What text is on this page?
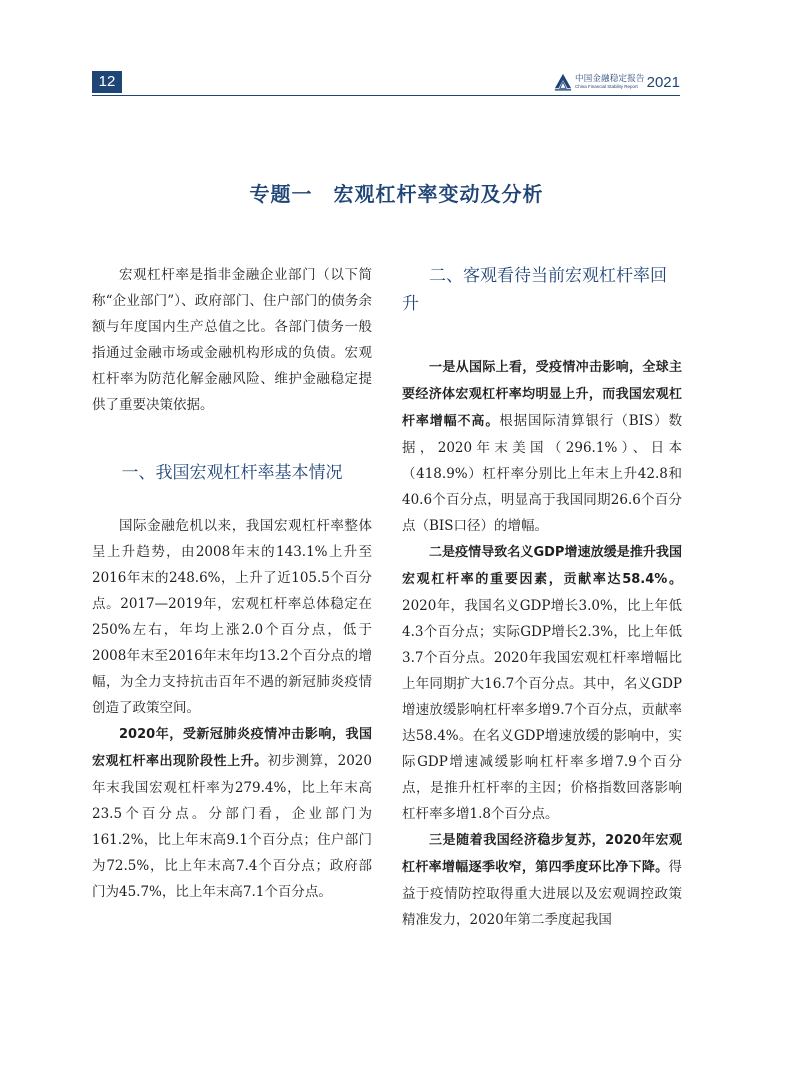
12	中国金融稳定报告
China Financial Stability Report 2021
专题一　宏观杠杆率变动及分析

宏观杠杆率是指非金融企业部门（以下简称“企业部门”）、政府部门、住户部门的债务余额与年度国内生产总值之比。各部门债务一般指通过金融市场或金融机构形成的负债。宏观杠杆率为防范化解金融风险、维护金融稳定提供了重要决策依据。

一、我国宏观杠杆率基本情况

国际金融危机以来，我国宏观杠杆率整体呈上升趋势，由2008年末的143.1%上升至2016年末的248.6%，上升了近105.5个百分点。2017—2019年，宏观杠杆率总体稳定在250%左右，年均上涨2.0个百分点，低于2008年末至2016年末年均13.2个百分点的增幅，为全力支持抗击百年不遇的新冠肺炎疫情创造了政策空间。

2020年，受新冠肺炎疫情冲击影响，我国宏观杠杆率出现阶段性上升。初步测算，2020年末我国宏观杠杆率为279.4%，比上年末高23.5个百分点。分部门看，企业部门为161.2%，比上年末高9.1个百分点；住户部门为72.5%，比上年末高7.4个百分点；政府部门为45.7%，比上年末高7.1个百分点。

二、客观看待当前宏观杠杆率回升

一是从国际上看，受疫情冲击影响，全球主要经济体宏观杠杆率均明显上升，而我国宏观杠杆率增幅不高。根据国际清算银行（BIS）数据，2020年末美国（296.1%）、日本（418.9%）杠杆率分别比上年末上升42.8和40.6个百分点，明显高于我国同期26.6个百分点（BIS口径）的增幅。

二是疫情导致名义GDP增速放缓是推升我国宏观杠杆率的重要因素，贡献率达58.4%。2020年，我国名义GDP增长3.0%，比上年低4.3个百分点；实际GDP增长2.3%，比上年低3.7个百分点。2020年我国宏观杠杆率增幅比上年同期扩大16.7个百分点。其中，名义GDP增速放缓影响杠杆率多增9.7个百分点，贡献率达58.4%。在名义GDP增速放缓的影响中，实际GDP增速减缓影响杠杆率多增7.9个百分点，是推升杠杆率的主因；价格指数回落影响杠杆率多增1.8个百分点。

三是随着我国经济稳步复苏，2020年宏观杠杆率增幅逐季收窄，第四季度环比净下降。得益于疫情防控取得重大进展以及宏观调控政策精准发力，2020年第二季度起我国
